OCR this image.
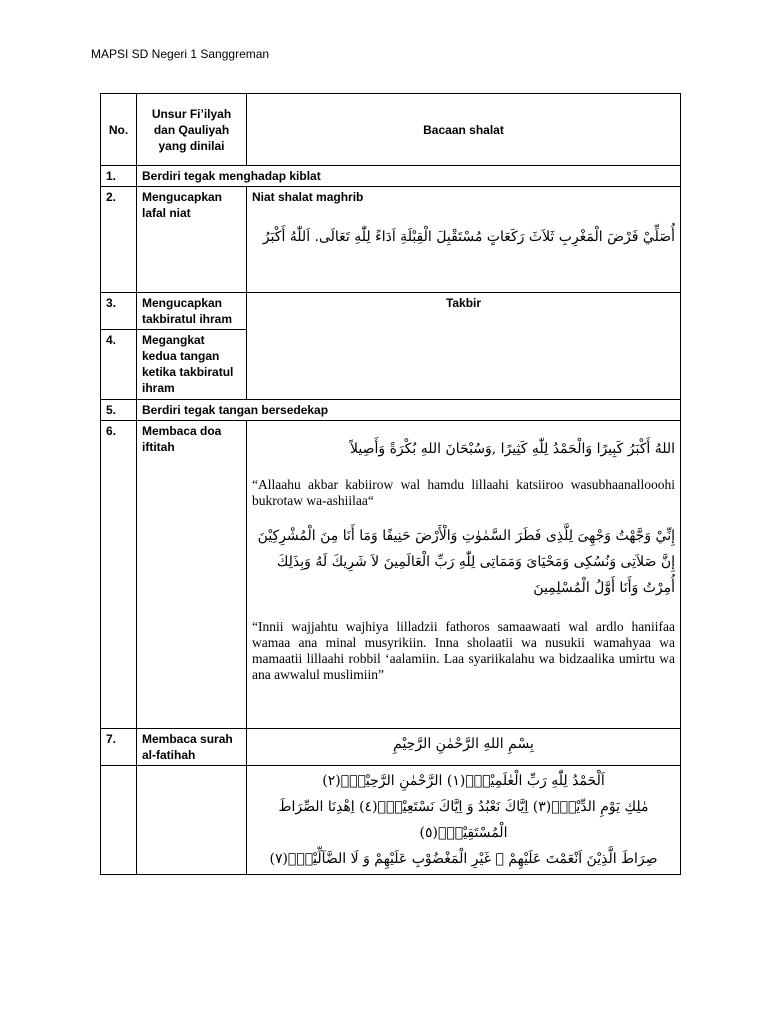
MAPSI SD Negeri 1 Sanggreman
No.	Unsur Fi’ilyah dan Qauliyah yang dinilai	Bacaan shalat
1.	Berdiri tegak menghadap kiblat	
2.	Mengucapkan lafal niat	Niat shalat maghrib
أُصَلِّيْ فَرْضَ الْمَغْرِبِ ثَلاَثَ رَكَعَاتٍ مُسْتَقْبِلَ الْقِبْلَةِ اَدَاءً لِلّٰهِ تَعَالَى. اَللّٰهُ أَكْبَرُ

3.	Mengucapkan takbiratul ihram	Takbir

4.	Megangkat kedua tangan ketika takbiratul ihram	
5.	Berdiri tegak tangan bersedekap	
6.	Membaca doa iftitah	اللهُ أَكْبَرُ كَبِيرًا وَالْحَمْدُ لِلّٰهِ كَثِيرًا ,وَسُبْحَانَ اللهِ بُكْرَةً وَأَصِيلاً
“Allaahu akbar kabiirow wal hamdu lillaahi katsiiroo wasubhaanallooohi bukrotaw wa-ashiilaa“
إِنِّيْ وَجَّهْتُ وَجْهِىَ لِلَّذِى فَطَرَ السَّمٰوٰتِ وَالْأَرْضَ حَنِيفًا وَمَا أَنَا مِنَ الْمُشْرِكِيْنَ إِنَّ صَلاَتِى وَنُسُكِى وَمَحْيَاىَ وَمَمَاتِى لِلّٰهِ رَبِّ الْعَالَمِينَ لاَ شَرِيكَ لَهُ وَبِذَلِكَ أُمِرْتُ وَأَنَا أَوَّلُ الْمُسْلِمِينَ
“Innii wajjahtu wajhiya lilladzii fathoros samaawaati wal ardlo haniifaa wamaa ana minal musyrikiin. Inna sholaatii wa nusukii wamahyaa wa mamaatii lillaahi robbil ‘aalamiin. Laa syariikalahu wa bidzaalika umirtu wa ana awwalul muslimiin”

7.	Membaca surah al-fatihah	بِسْمِ اللهِ الرَّحْمٰنِ الرَّحِيْمِ

		اَلْحَمْدُ لِلّٰهِ رَبِّ الْعٰلَمِيْنَۙ(١) الرَّحْمٰنِ الرَّحِيْمِۙ(٢)
مٰلِكِ يَوْمِ الدِّيْنِۗ(٣) اِيَّاكَ نَعْبُدُ وَ اِيَّاكَ نَسْتَعِيْنُۗ(٤) اِهْدِنَا الصِّرَاطَ الْمُسْتَقِيْمَۙ(٥)
صِرَاطَ الَّذِيْنَ اَنْعَمْتَ عَلَيْهِمْ ﴿ غَيْرِ الْمَغْضُوْبِ عَلَيْهِمْ وَ لَا الضَّآلِّيْنَ۠(٧)
